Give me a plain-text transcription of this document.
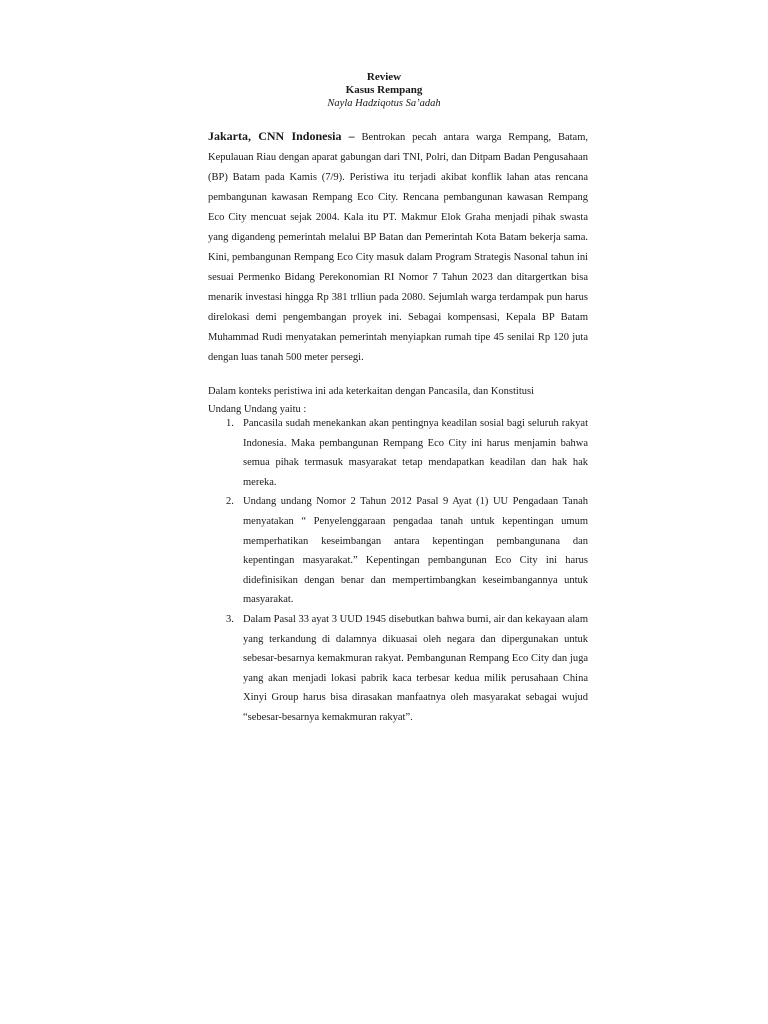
Review
Kasus Rempang
Nayla Hadziqotus Sa’adah

Jakarta, CNN Indonesia – Bentrokan pecah antara warga Rempang, Batam, Kepulauan Riau dengan aparat gabungan dari TNI, Polri, dan Ditpam Badan Pengusahaan (BP) Batam pada Kamis (7/9). Peristiwa itu terjadi akibat konflik lahan atas rencana pembangunan kawasan Rempang Eco City. Rencana pembangunan kawasan Rempang Eco City mencuat sejak 2004. Kala itu PT. Makmur Elok Graha menjadi pihak swasta yang digandeng pemerintah melalui BP Batan dan Pemerintah Kota Batam bekerja sama. Kini, pembangunan Rempang Eco City masuk dalam Program Strategis Nasonal tahun ini sesuai Permenko Bidang Perekonomian RI Nomor 7 Tahun 2023 dan ditargertkan bisa menarik investasi hingga Rp 381 trlliun pada 2080. Sejumlah warga terdampak pun harus direlokasi demi pengembangan proyek ini. Sebagai kompensasi, Kepala BP Batam Muhammad Rudi menyatakan pemerintah menyiapkan rumah tipe 45 senilai Rp 120 juta dengan luas tanah 500 meter persegi.

Dalam konteks peristiwa ini ada keterkaitan dengan Pancasila, dan Konstitusi
Undang Undang yaitu :
1. Pancasila sudah menekankan akan pentingnya keadilan sosial bagi seluruh rakyat Indonesia. Maka pembangunan Rempang Eco City ini harus menjamin bahwa semua pihak termasuk masyarakat tetap mendapatkan keadilan dan hak hak mereka.
2. Undang undang Nomor 2 Tahun 2012 Pasal 9 Ayat (1) UU Pengadaan Tanah menyatakan “ Penyelenggaraan pengadaa tanah untuk kepentingan umum memperhatikan keseimbangan antara kepentingan pembangunana dan kepentingan masyarakat.” Kepentingan pembangunan Eco City ini harus didefinisikan dengan benar dan mempertimbangkan keseimbangannya untuk masyarakat.
3. Dalam Pasal 33 ayat 3 UUD 1945 disebutkan bahwa bumi, air dan kekayaan alam yang terkandung di dalamnya dikuasai oleh negara dan dipergunakan untuk sebesar-besarnya kemakmuran rakyat. Pembangunan Rempang Eco City dan juga yang akan menjadi lokasi pabrik kaca terbesar kedua milik perusahaan China Xinyi Group harus bisa dirasakan manfaatnya oleh masyarakat sebagai wujud “sebesar-besarnya kemakmuran rakyat”.
